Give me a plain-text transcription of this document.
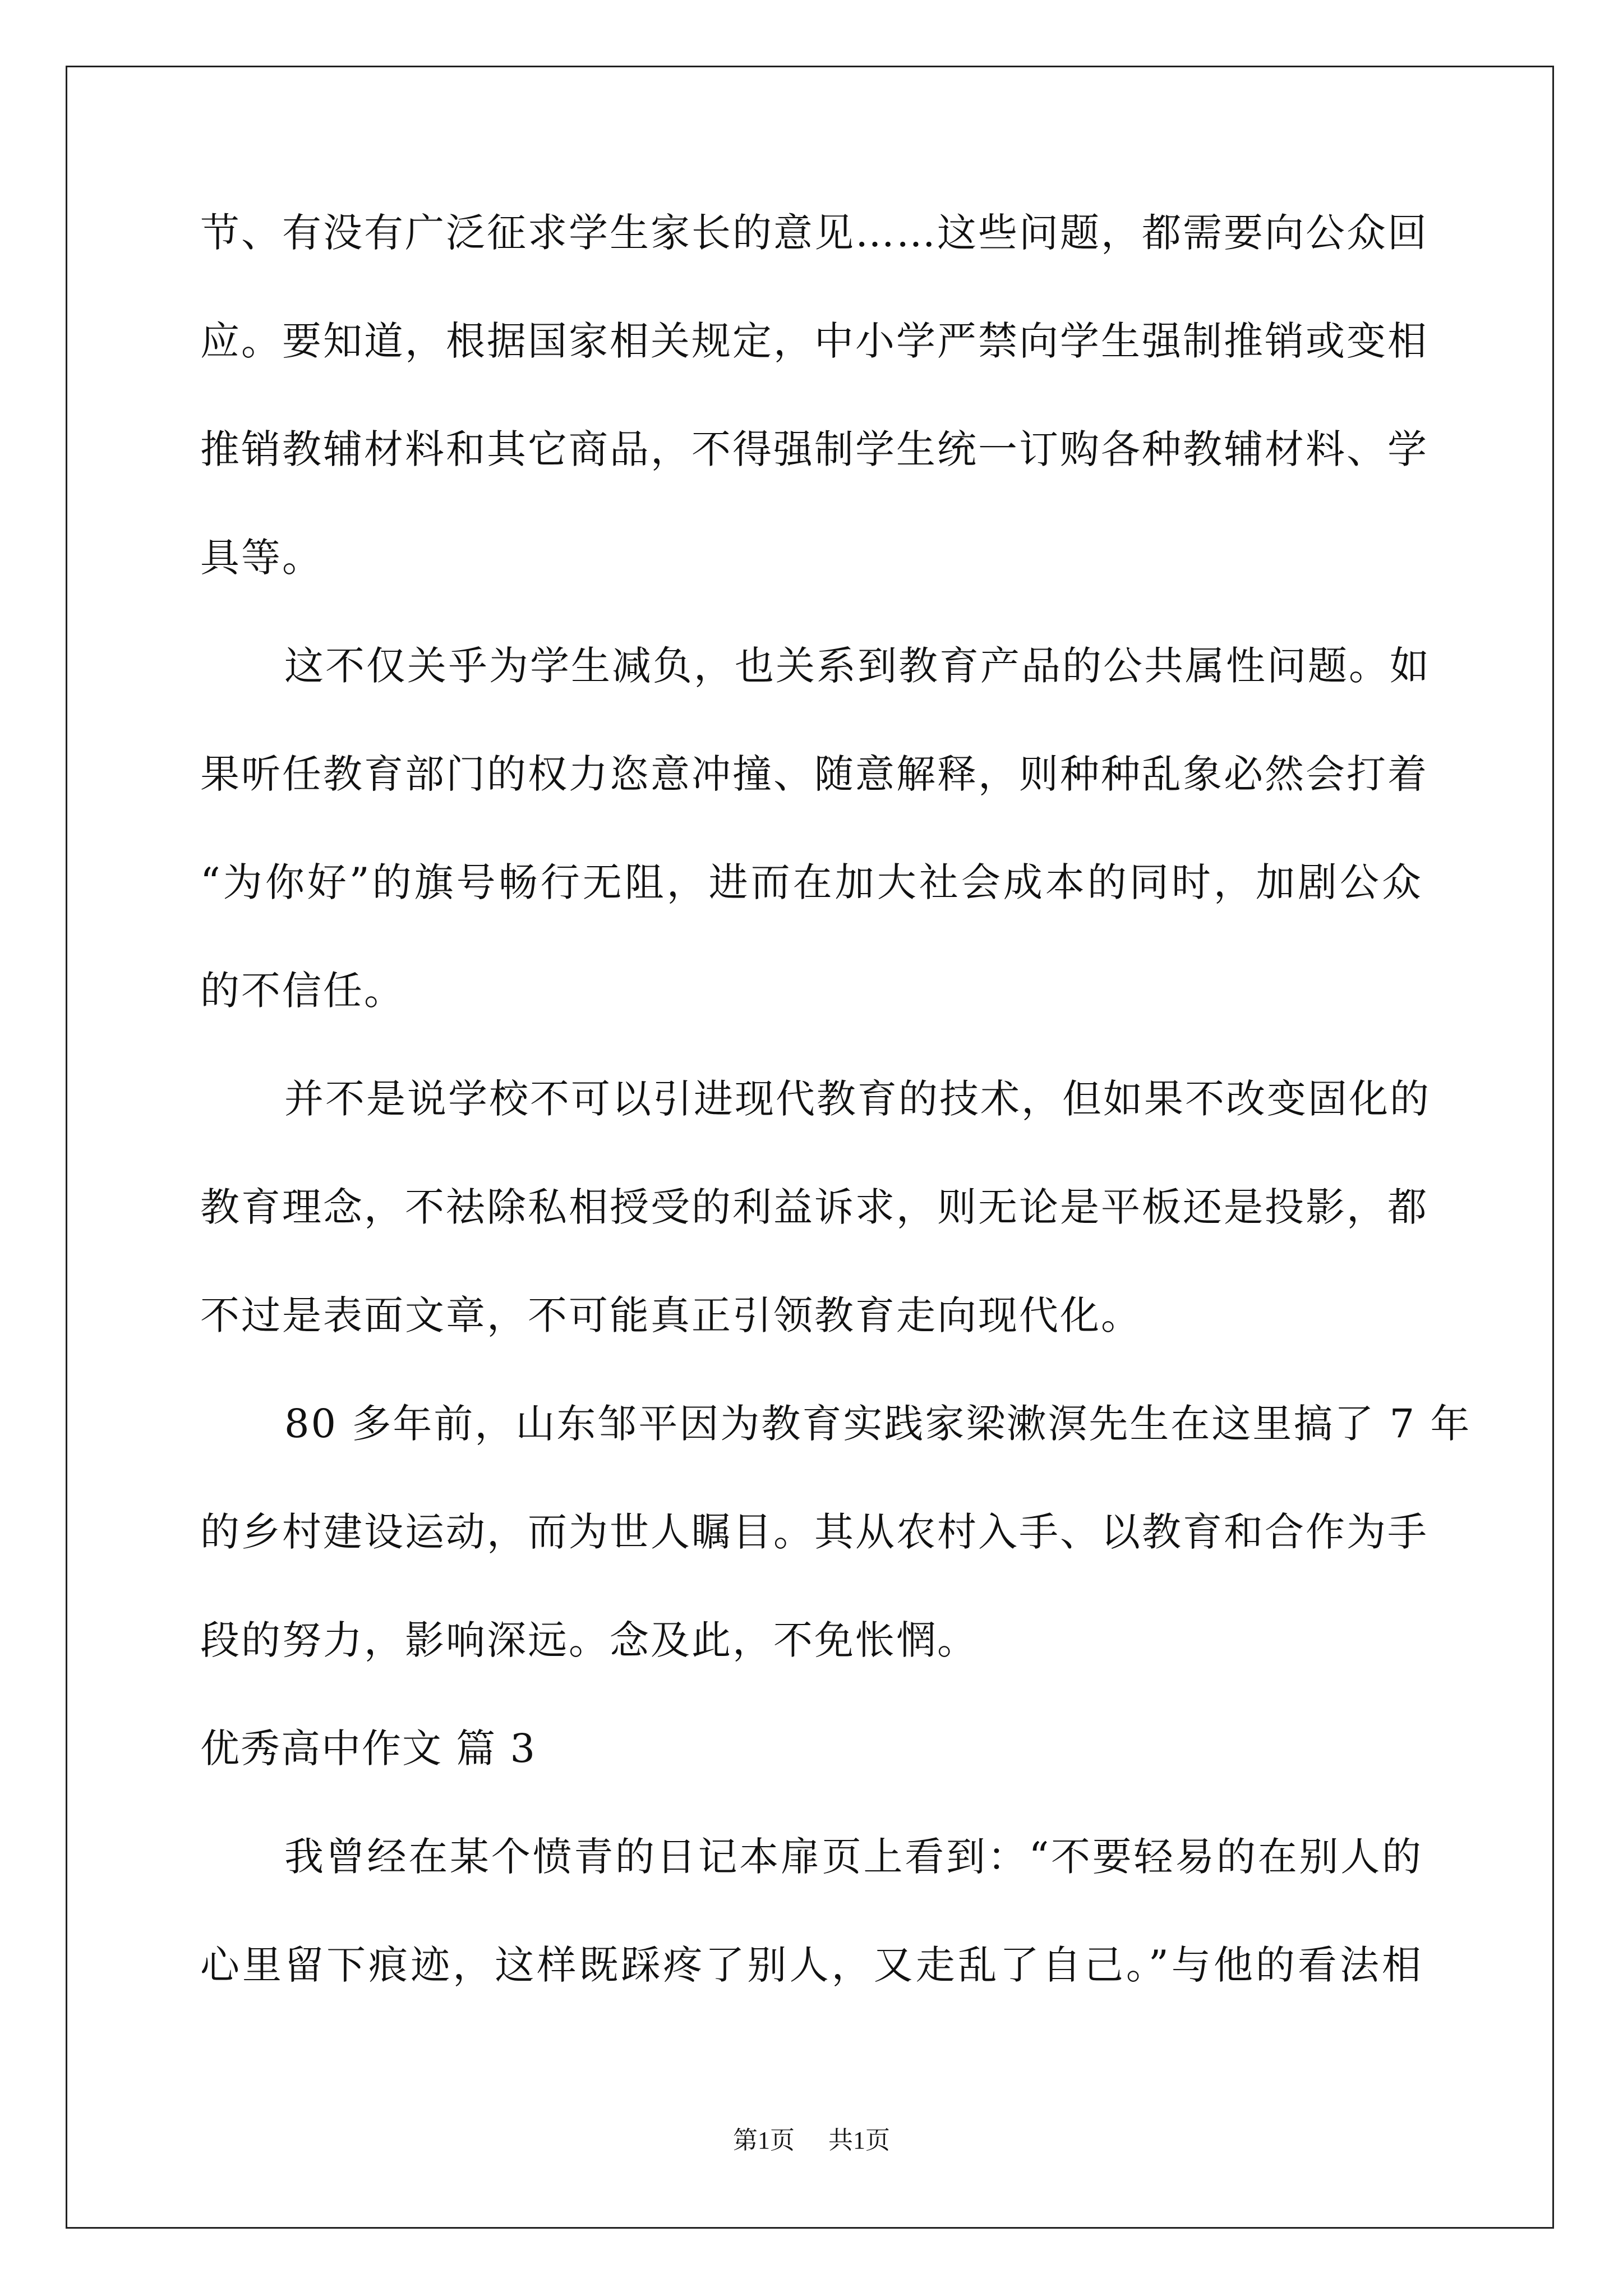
节、有没有广泛征求学生家长的意见……这些问题，都需要向公众回
应。要知道，根据国家相关规定，中小学严禁向学生强制推销或变相
推销教辅材料和其它商品，不得强制学生统一订购各种教辅材料、学
具等。
这不仅关乎为学生减负，也关系到教育产品的公共属性问题。如
果听任教育部门的权力恣意冲撞、随意解释，则种种乱象必然会打着
“为你好”的旗号畅行无阻，进而在加大社会成本的同时，加剧公众
的不信任。
并不是说学校不可以引进现代教育的技术，但如果不改变固化的
教育理念，不祛除私相授受的利益诉求，则无论是平板还是投影，都
不过是表面文章，不可能真正引领教育走向现代化。
80 多年前，山东邹平因为教育实践家梁漱溟先生在这里搞了 7 年
的乡村建设运动，而为世人瞩目。其从农村入手、以教育和合作为手
段的努力，影响深远。念及此，不免怅惘。
优秀高中作文 篇 3
我曾经在某个愤青的日记本扉页上看到：“不要轻易的在别人的
心里留下痕迹，这样既踩疼了别人，又走乱了自己。”与他的看法相
第1页 共1页
